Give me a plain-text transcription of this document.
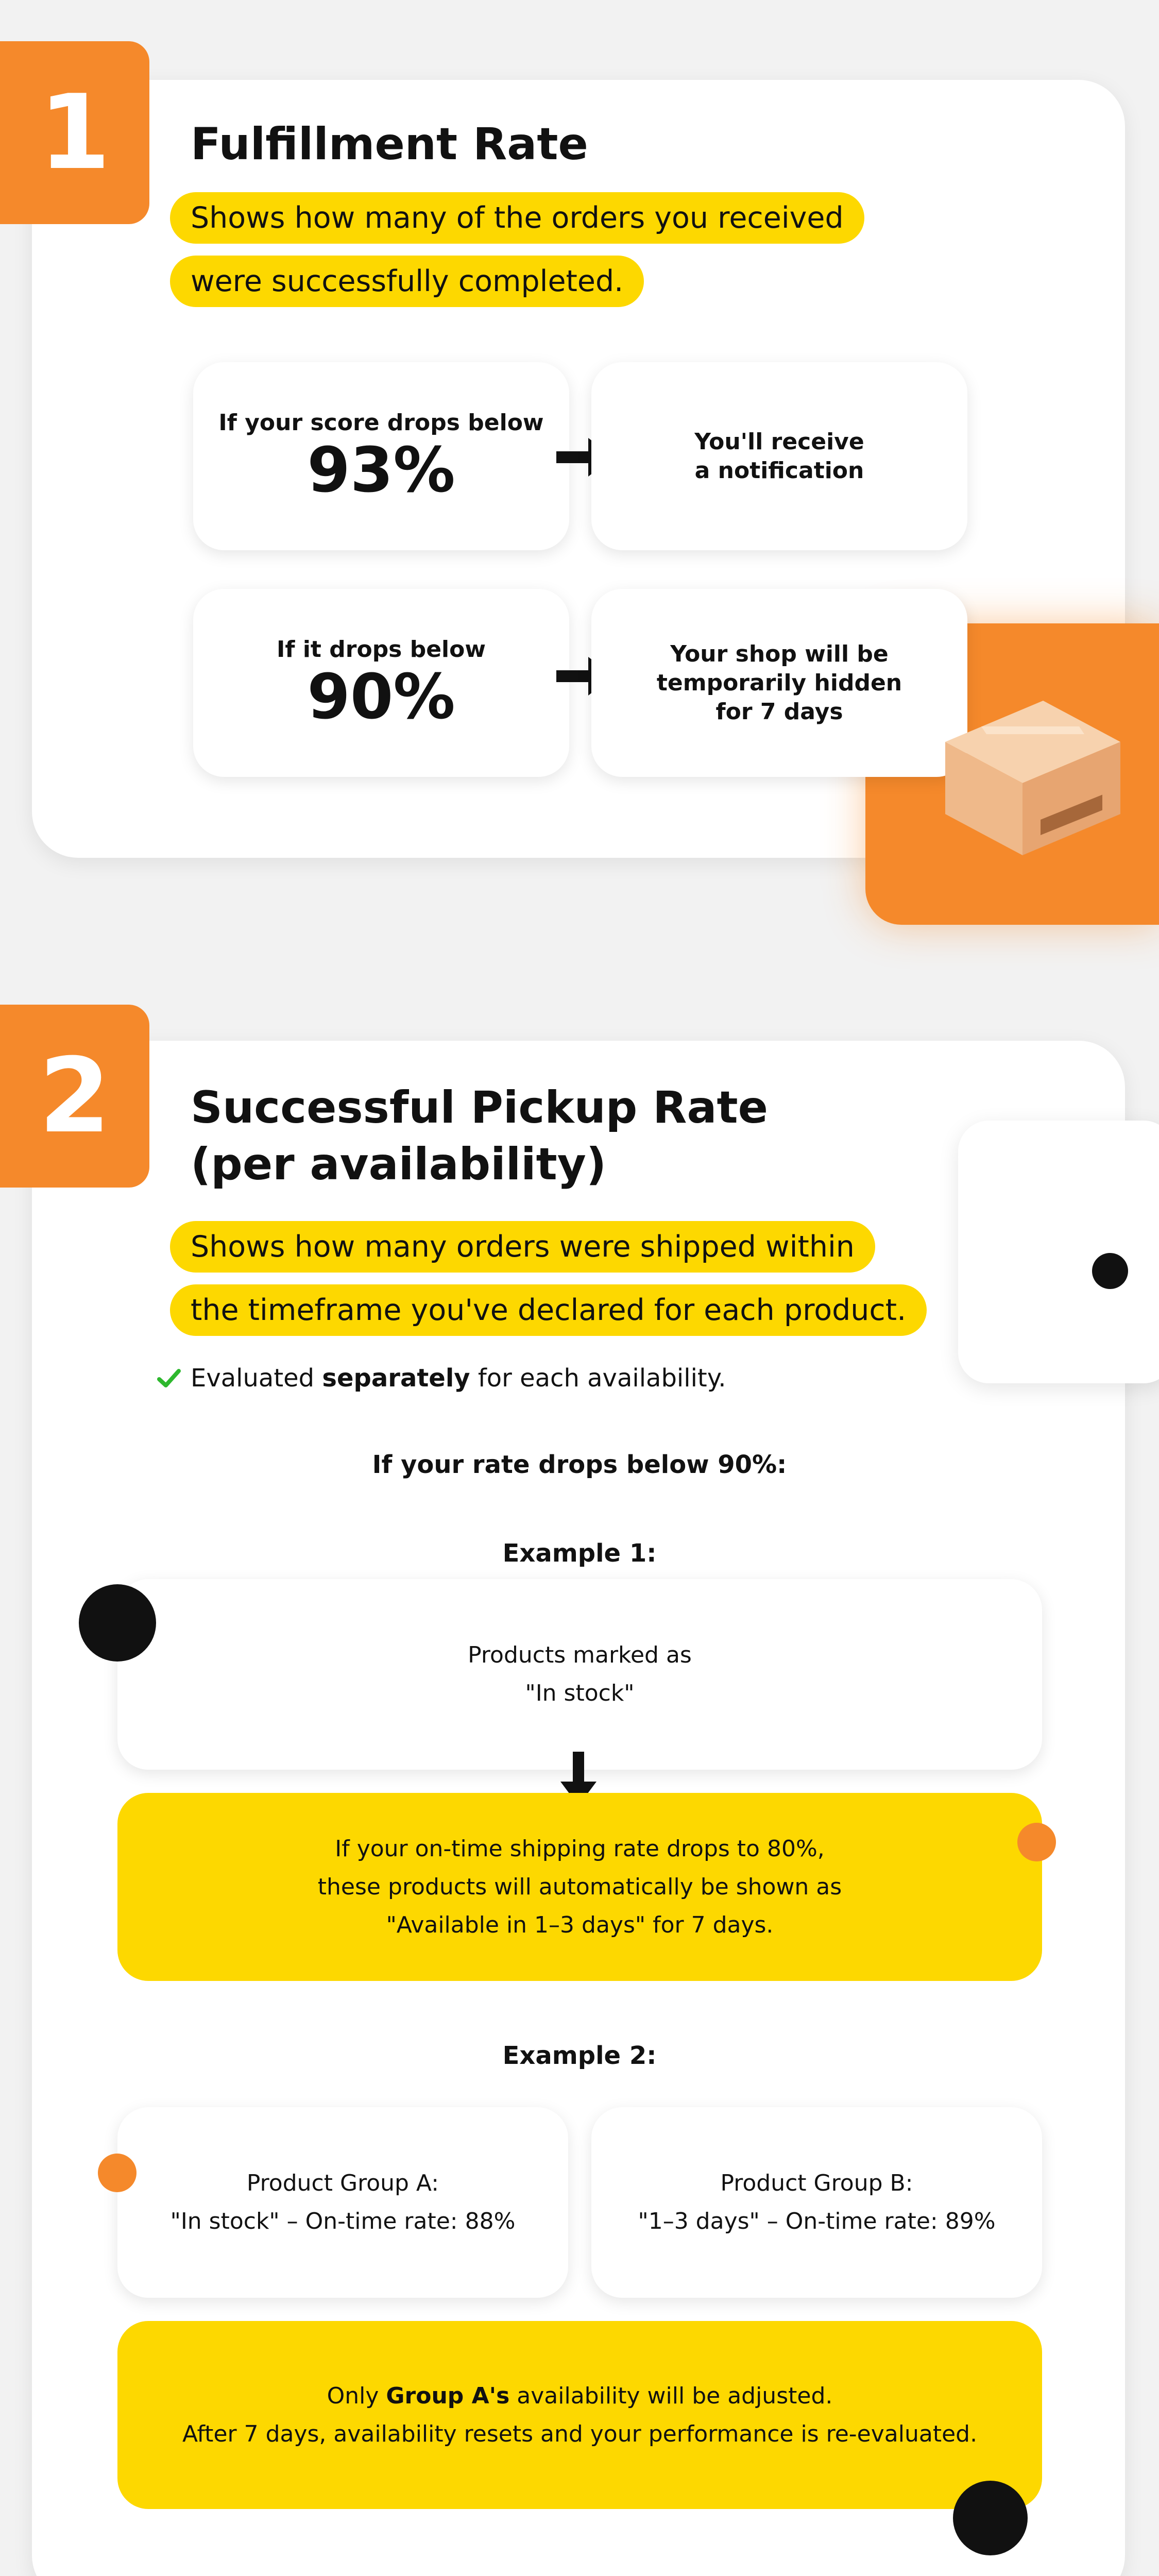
1 Fulfillment Rate
Shows how many of the orders you received
were successfully completed.
If your score drops below
93%	You'll receive
a notification
If it drops below
90%
Your shop will be
temporarily hidden
for 7 days
2 Successful Pickup Rate
(per availability)
Shows how many orders were shipped within
the timeframe you've declared for each product.
Evaluated separately for each availability.
If your rate drops below 90%:
Example 1:
Products marked as
"In stock"
If your on-time shipping rate drops to 80%,
these products will automatically be shown as
"Available in 1–3 days" for 7 days.
Example 2:
Product Group A:
"In stock" – On-time rate: 88%
Product Group B:
"1–3 days" – On-time rate: 89%
Only Group A's availability will be adjusted.
After 7 days, availability resets and your performance is re-evaluated.
